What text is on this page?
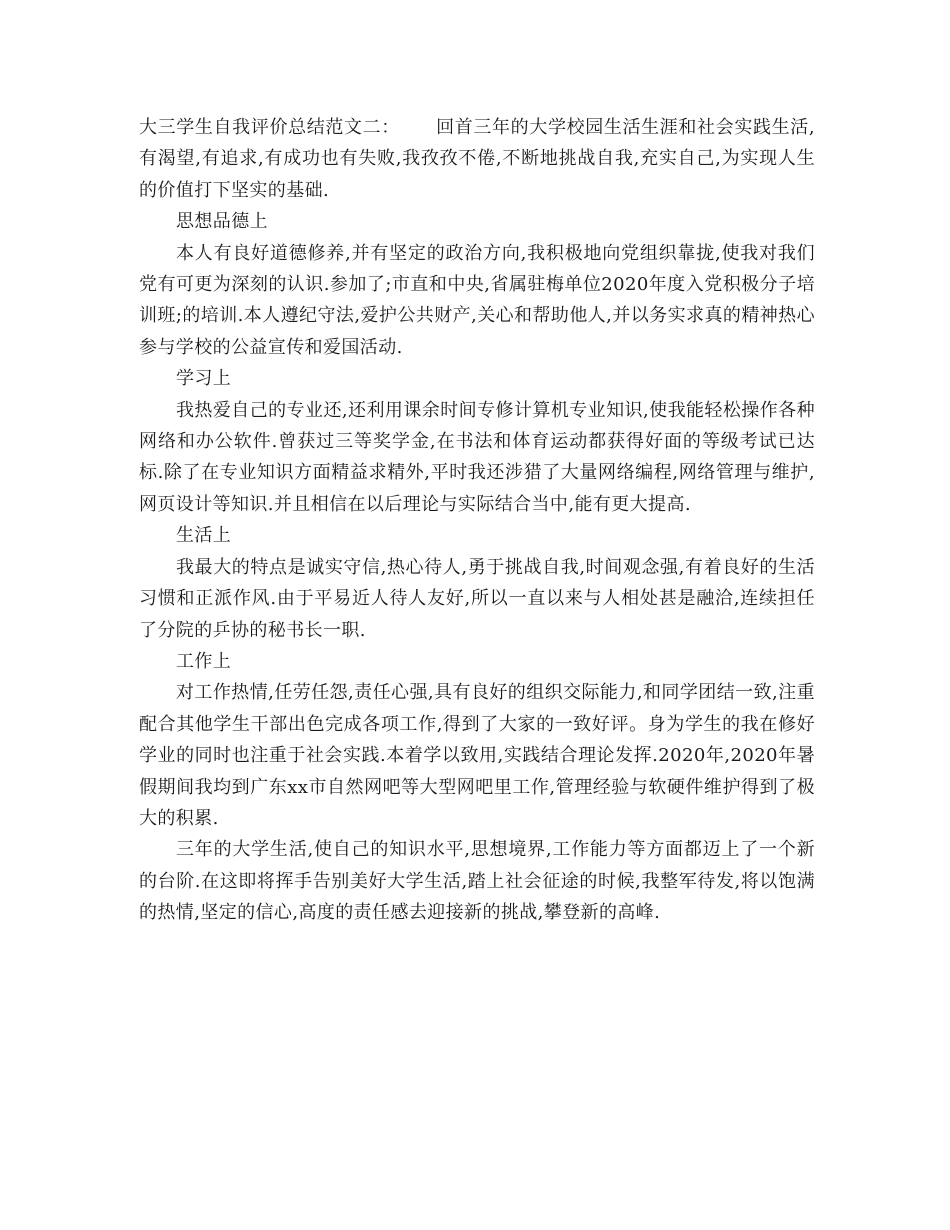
大三学生自我评价总结范文二： 回首三年的大学校园生活生涯和社会实践生活,有渴望,有追求,有成功也有失败,我孜孜不倦,不断地挑战自我,充实自己,为实现人生的价值打下坚实的基础.

思想品德上

本人有良好道德修养,并有坚定的政治方向,我积极地向党组织靠拢,使我对我们党有可更为深刻的认识.参加了;市直和中央,省属驻梅单位2020年度入党积极分子培训班;的培训.本人遵纪守法,爱护公共财产,关心和帮助他人,并以务实求真的精神热心参与学校的公益宣传和爱国活动.

学习上

我热爱自己的专业还,还利用课余时间专修计算机专业知识,使我能轻松操作各种网络和办公软件.曾获过三等奖学金,在书法和体育运动都获得好面的等级考试已达标.除了在专业知识方面精益求精外,平时我还涉猎了大量网络编程,网络管理与维护,网页设计等知识.并且相信在以后理论与实际结合当中,能有更大提高.

生活上

我最大的特点是诚实守信,热心待人,勇于挑战自我,时间观念强,有着良好的生活习惯和正派作风.由于平易近人待人友好,所以一直以来与人相处甚是融洽,连续担任了分院的乒协的秘书长一职.

工作上

对工作热情,任劳任怨,责任心强,具有良好的组织交际能力,和同学团结一致,注重配合其他学生干部出色完成各项工作,得到了大家的一致好评。身为学生的我在修好学业的同时也注重于社会实践.本着学以致用,实践结合理论发挥.2020年,2020年暑假期间我均到广东xx市自然网吧等大型网吧里工作,管理经验与软硬件维护得到了极大的积累.

三年的大学生活,使自己的知识水平,思想境界,工作能力等方面都迈上了一个新的台阶.在这即将挥手告别美好大学生活,踏上社会征途的时候,我整军待发,将以饱满的热情,坚定的信心,高度的责任感去迎接新的挑战,攀登新的高峰.
